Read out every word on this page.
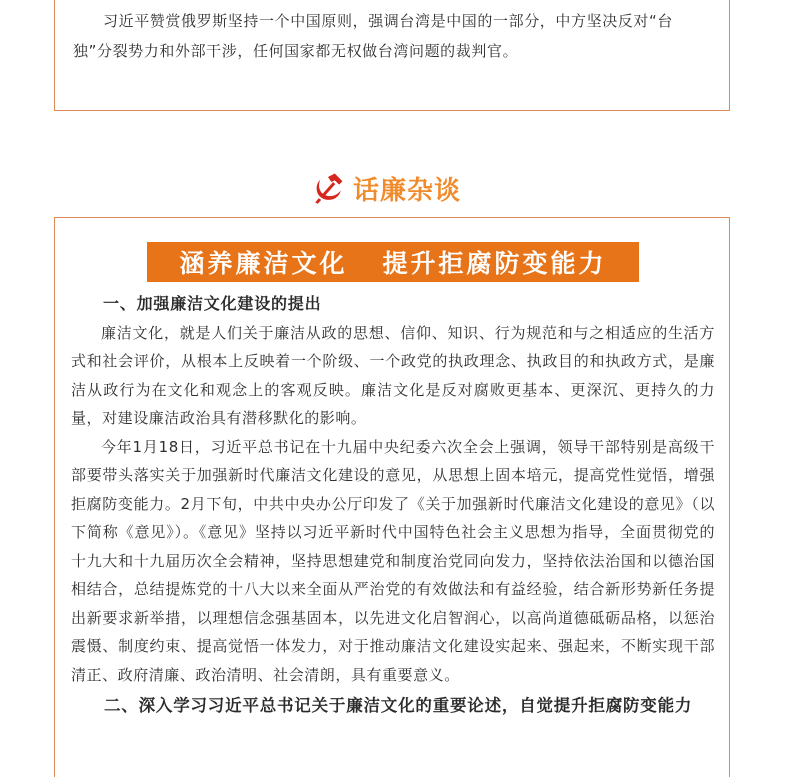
习近平赞赏俄罗斯坚持一个中国原则，强调台湾是中国的一部分，中方坚决反对“台独”分裂势力和外部干涉，任何国家都无权做台湾问题的裁判官。

话廉杂谈
涵养廉洁文化   提升拒腐防变能力
一、加强廉洁文化建设的提出

廉洁文化，就是人们关于廉洁从政的思想、信仰、知识、行为规范和与之相适应的生活方式和社会评价，从根本上反映着一个阶级、一个政党的执政理念、执政目的和执政方式，是廉洁从政行为在文化和观念上的客观反映。廉洁文化是反对腐败更基本、更深沉、更持久的力量，对建设廉洁政治具有潜移默化的影响。

今年1月18日，习近平总书记在十九届中央纪委六次全会上强调，领导干部特别是高级干部要带头落实关于加强新时代廉洁文化建设的意见，从思想上固本培元，提高党性觉悟，增强拒腐防变能力。2月下旬，中共中央办公厅印发了《关于加强新时代廉洁文化建设的意见》（以下简称《意见》）。《意见》坚持以习近平新时代中国特色社会主义思想为指导，全面贯彻党的十九大和十九届历次全会精神，坚持思想建党和制度治党同向发力，坚持依法治国和以德治国相结合，总结提炼党的十八大以来全面从严治党的有效做法和有益经验，结合新形势新任务提出新要求新举措，以理想信念强基固本，以先进文化启智润心，以高尚道德砥砺品格，以惩治震慑、制度约束、提高觉悟一体发力，对于推动廉洁文化建设实起来、强起来，不断实现干部清正、政府清廉、政治清明、社会清朗，具有重要意义。

二、深入学习习近平总书记关于廉洁文化的重要论述，自觉提升拒腐防变能力
